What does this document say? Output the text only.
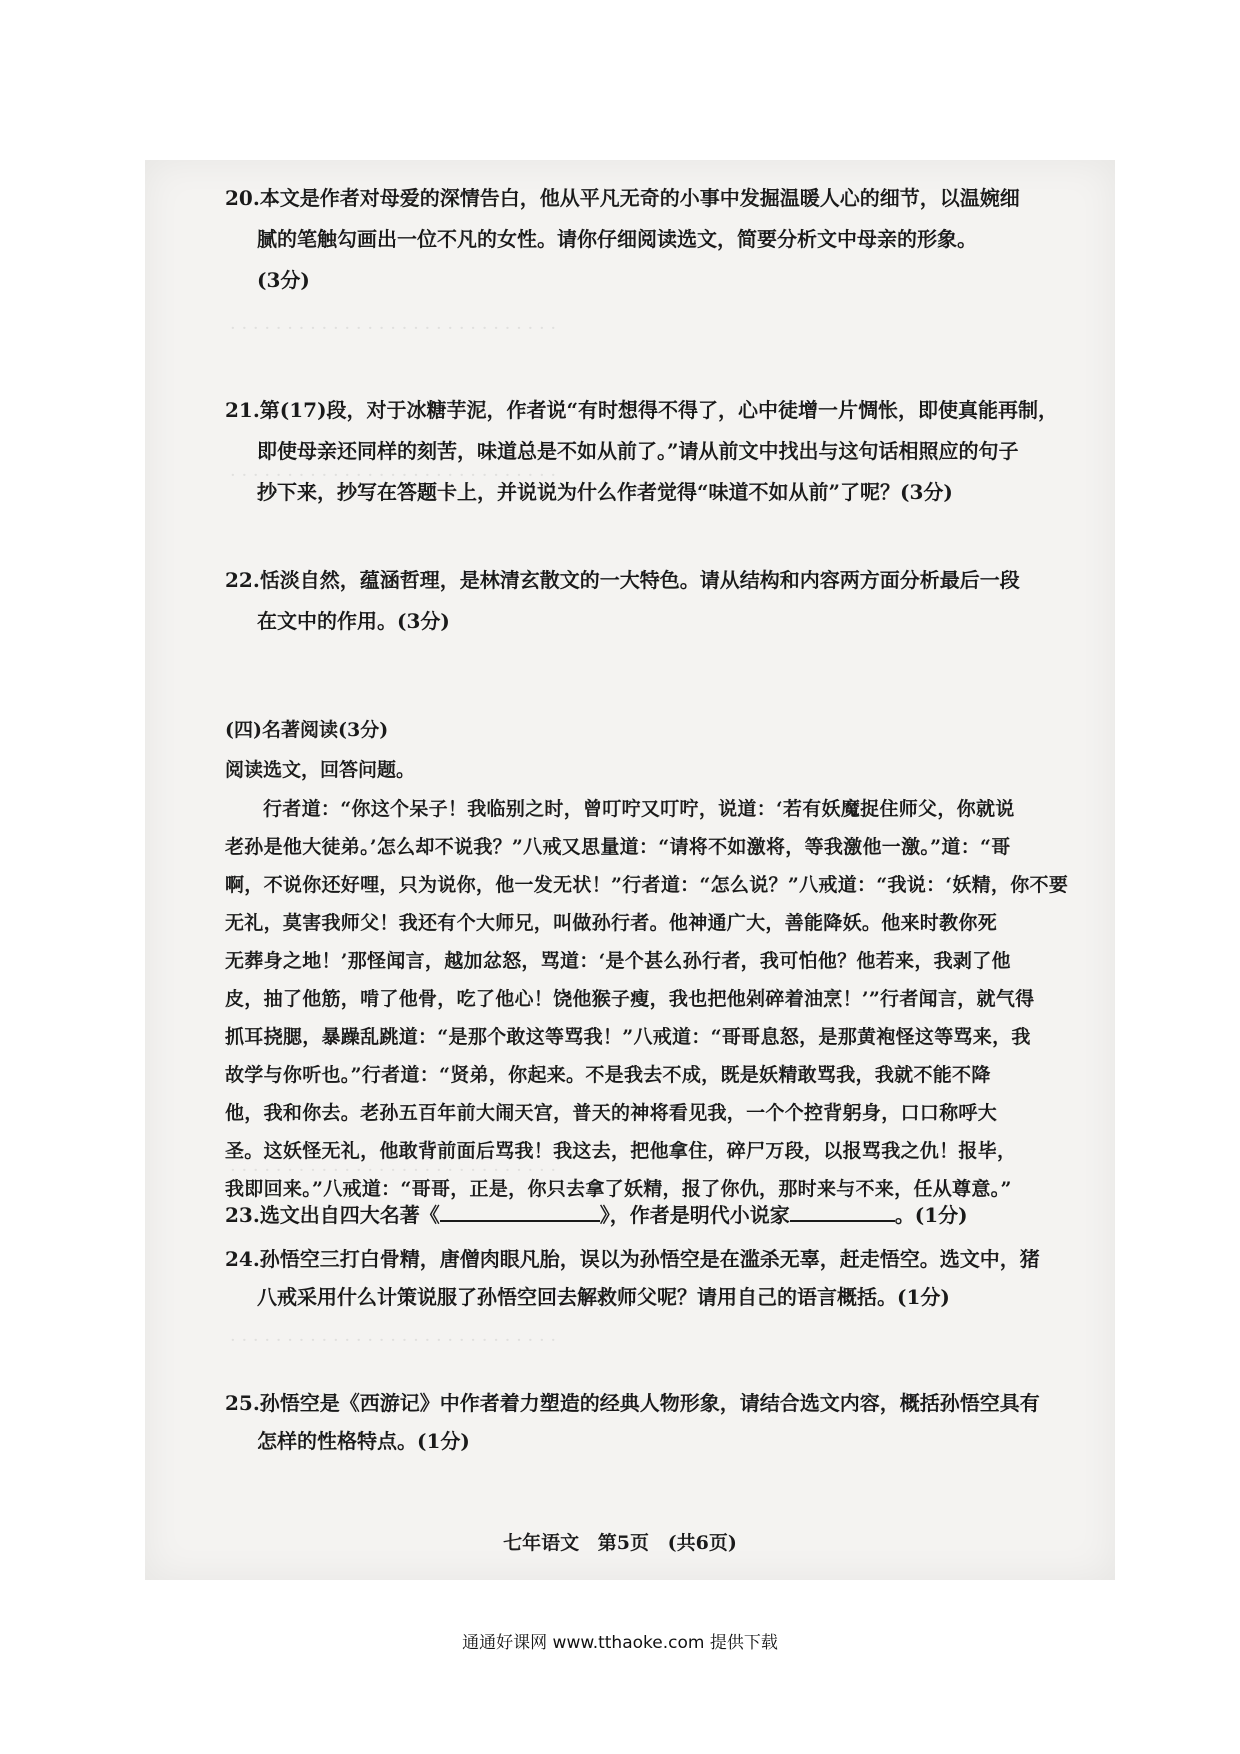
· · · · · · · · · · · · · · · · · · · · · · · · · · · · ·
· · · · · · · · · · · · · · · · · · · · · · · · · · · · ·
· · · · · · · · · · · · · · · · · · · · · · · · · · · · ·
· · · · · · · · · · · · · · · · · · · · · · · · · · · · ·
20.本文是作者对母爱的深情告白，他从平凡无奇的小事中发掘温暖人心的细节，以温婉细
腻的笔触勾画出一位不凡的女性。请你仔细阅读选文，简要分析文中母亲的形象。
(3分)
21.第(17)段，对于冰糖芋泥，作者说“有时想得不得了，心中徒增一片惆怅，即使真能再制，
即使母亲还同样的刻苦，味道总是不如从前了。”请从前文中找出与这句话相照应的句子
抄下来，抄写在答题卡上，并说说为什么作者觉得“味道不如从前”了呢？(3分)
22.恬淡自然，蕴涵哲理，是林清玄散文的一大特色。请从结构和内容两方面分析最后一段
在文中的作用。(3分)
(四)名著阅读(3分)
阅读选文，回答问题。
行者道：“你这个呆子！我临别之时，曾叮咛又叮咛，说道：‘若有妖魔捉住师父，你就说
老孙是他大徒弟。’怎么却不说我？”八戒又思量道：“请将不如激将，等我激他一激。”道：“哥
啊，不说你还好哩，只为说你，他一发无状！”行者道：“怎么说？”八戒道：“我说：‘妖精，你不要
无礼，莫害我师父！我还有个大师兄，叫做孙行者。他神通广大，善能降妖。他来时教你死
无葬身之地！’那怪闻言，越加忿怒，骂道：‘是个甚么孙行者，我可怕他？他若来，我剥了他
皮，抽了他筋，啃了他骨，吃了他心！饶他猴子瘦，我也把他剁碎着油烹！’”行者闻言，就气得
抓耳挠腮，暴躁乱跳道：“是那个敢这等骂我！”八戒道：“哥哥息怒，是那黄袍怪这等骂来，我
故学与你听也。”行者道：“贤弟，你起来。不是我去不成，既是妖精敢骂我，我就不能不降
他，我和你去。老孙五百年前大闹天宫，普天的神将看见我，一个个控背躬身，口口称呼大
圣。这妖怪无礼，他敢背前面后骂我！我这去，把他拿住，碎尸万段，以报骂我之仇！报毕，
我即回来。”八戒道：“哥哥，正是，你只去拿了妖精，报了你仇，那时来与不来，任从尊意。”
23.选文出自四大名著《	》，作者是明代小说家	。(1分)
24.孙悟空三打白骨精，唐僧肉眼凡胎，误以为孙悟空是在滥杀无辜，赶走悟空。选文中，猪
八戒采用什么计策说服了孙悟空回去解救师父呢？请用自己的语言概括。(1分)
25.孙悟空是《西游记》中作者着力塑造的经典人物形象，请结合选文内容，概括孙悟空具有
怎样的性格特点。(1分)
七年语文 第5页 (共6页)
通通好课网 www.tthaoke.com 提供下载
